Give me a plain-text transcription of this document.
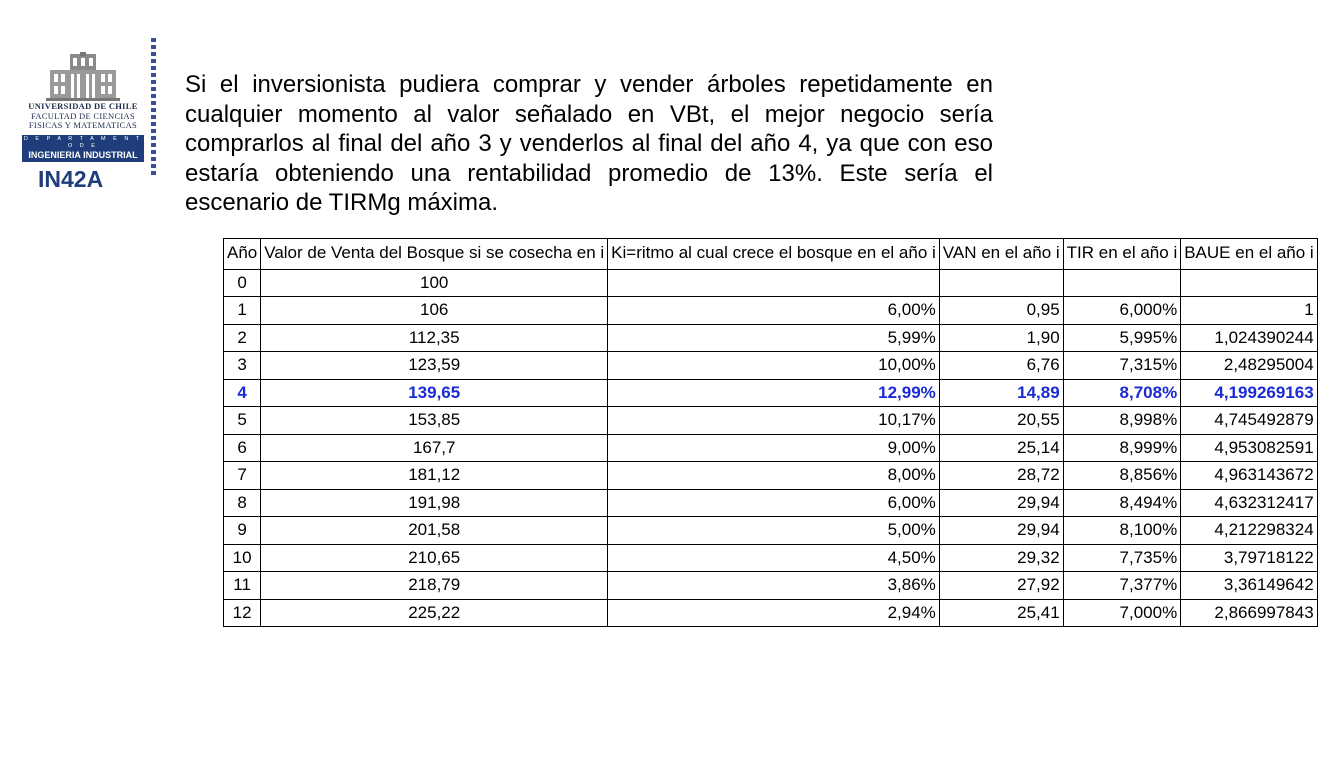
UNIVERSIDAD DE CHILE
FACULTAD DE CIENCIAS
FISICAS Y MATEMATICAS
D E P A R T A M E N T O D E
INGENIERIA INDUSTRIAL
IN42A
Si el inversionista pudiera comprar y vender árboles repetidamente en cualquier momento al valor señalado en VBt, el mejor negocio sería comprarlos al final del año 3 y venderlos al final del año 4, ya que con eso estaría obteniendo una rentabilidad promedio de 13%. Este sería el escenario de TIRMg máxima.
Año	Valor de Venta del Bosque si se cosecha en i	Ki=ritmo al cual crece el bosque en el año i	VAN en el año i	TIR en el año i	BAUE en el año i
0	100				
1	106	6,00%	0,95	6,000%	1
2	112,35	5,99%	1,90	5,995%	1,024390244
3	123,59	10,00%	6,76	7,315%	2,48295004
4	139,65	12,99%	14,89	8,708%	4,199269163
5	153,85	10,17%	20,55	8,998%	4,745492879
6	167,7	9,00%	25,14	8,999%	4,953082591
7	181,12	8,00%	28,72	8,856%	4,963143672
8	191,98	6,00%	29,94	8,494%	4,632312417
9	201,58	5,00%	29,94	8,100%	4,212298324
10	210,65	4,50%	29,32	7,735%	3,79718122
11	218,79	3,86%	27,92	7,377%	3,36149642
12	225,22	2,94%	25,41	7,000%	2,866997843
